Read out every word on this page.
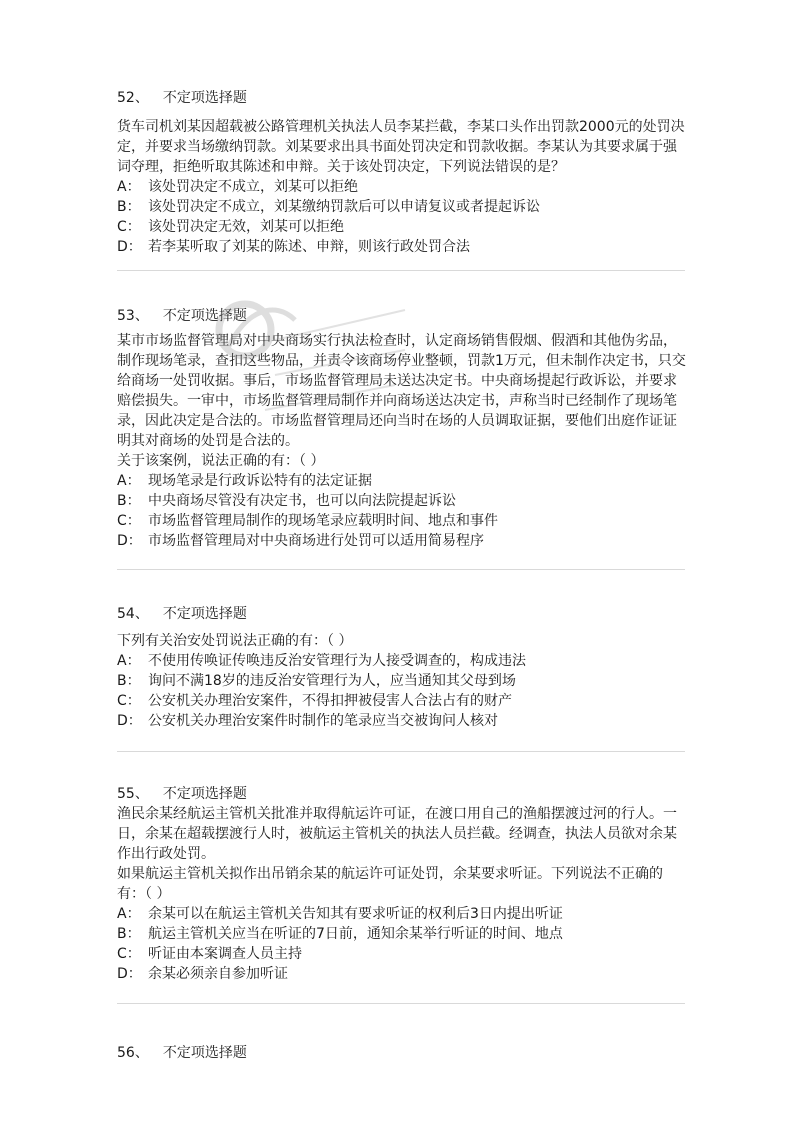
52、 不定项选择题

货车司机刘某因超载被公路管理机关执法人员李某拦截，李某口头作出罚款2000元的处罚决定，并要求当场缴纳罚款。刘某要求出具书面处罚决定和罚款收据。李某认为其要求属于强词夺理，拒绝听取其陈述和申辩。关于该处罚决定，下列说法错误的是？

A： 该处罚决定不成立，刘某可以拒绝
B： 该处罚决定不成立，刘某缴纳罚款后可以申请复议或者提起诉讼
C： 该处罚决定无效，刘某可以拒绝
D： 若李某听取了刘某的陈述、申辩，则该行政处罚合法
53、 不定项选择题

某市市场监督管理局对中央商场实行执法检查时，认定商场销售假烟、假酒和其他伪劣品，制作现场笔录，查扣这些物品，并责令该商场停业整顿，罚款1万元，但未制作决定书，只交给商场一处罚收据。事后，市场监督管理局未送达决定书。中央商场提起行政诉讼，并要求赔偿损失。一审中，市场监督管理局制作并向商场送达决定书，声称当时已经制作了现场笔录，因此决定是合法的。市场监督管理局还向当时在场的人员调取证据，要他们出庭作证证明其对商场的处罚是合法的。

关于该案例，说法正确的有：（ ）

A： 现场笔录是行政诉讼特有的法定证据
B： 中央商场尽管没有决定书，也可以向法院提起诉讼
C： 市场监督管理局制作的现场笔录应载明时间、地点和事件
D： 市场监督管理局对中央商场进行处罚可以适用简易程序
54、 不定项选择题

下列有关治安处罚说法正确的有：（ ）

A： 不使用传唤证传唤违反治安管理行为人接受调查的，构成违法
B： 询问不满18岁的违反治安管理行为人，应当通知其父母到场
C： 公安机关办理治安案件，不得扣押被侵害人合法占有的财产
D： 公安机关办理治安案件时制作的笔录应当交被询问人核对
55、 不定项选择题

渔民余某经航运主管机关批准并取得航运许可证，在渡口用自己的渔船摆渡过河的行人。一日，余某在超载摆渡行人时，被航运主管机关的执法人员拦截。经调查，执法人员欲对余某作出行政处罚。

如果航运主管机关拟作出吊销余某的航运许可证处罚，余某要求听证。下列说法不正确的有：（ ）

A： 余某可以在航运主管机关告知其有要求听证的权利后3日内提出听证
B： 航运主管机关应当在听证的7日前，通知余某举行听证的时间、地点
C： 听证由本案调查人员主持
D： 余某必须亲自参加听证
56、 不定项选择题
